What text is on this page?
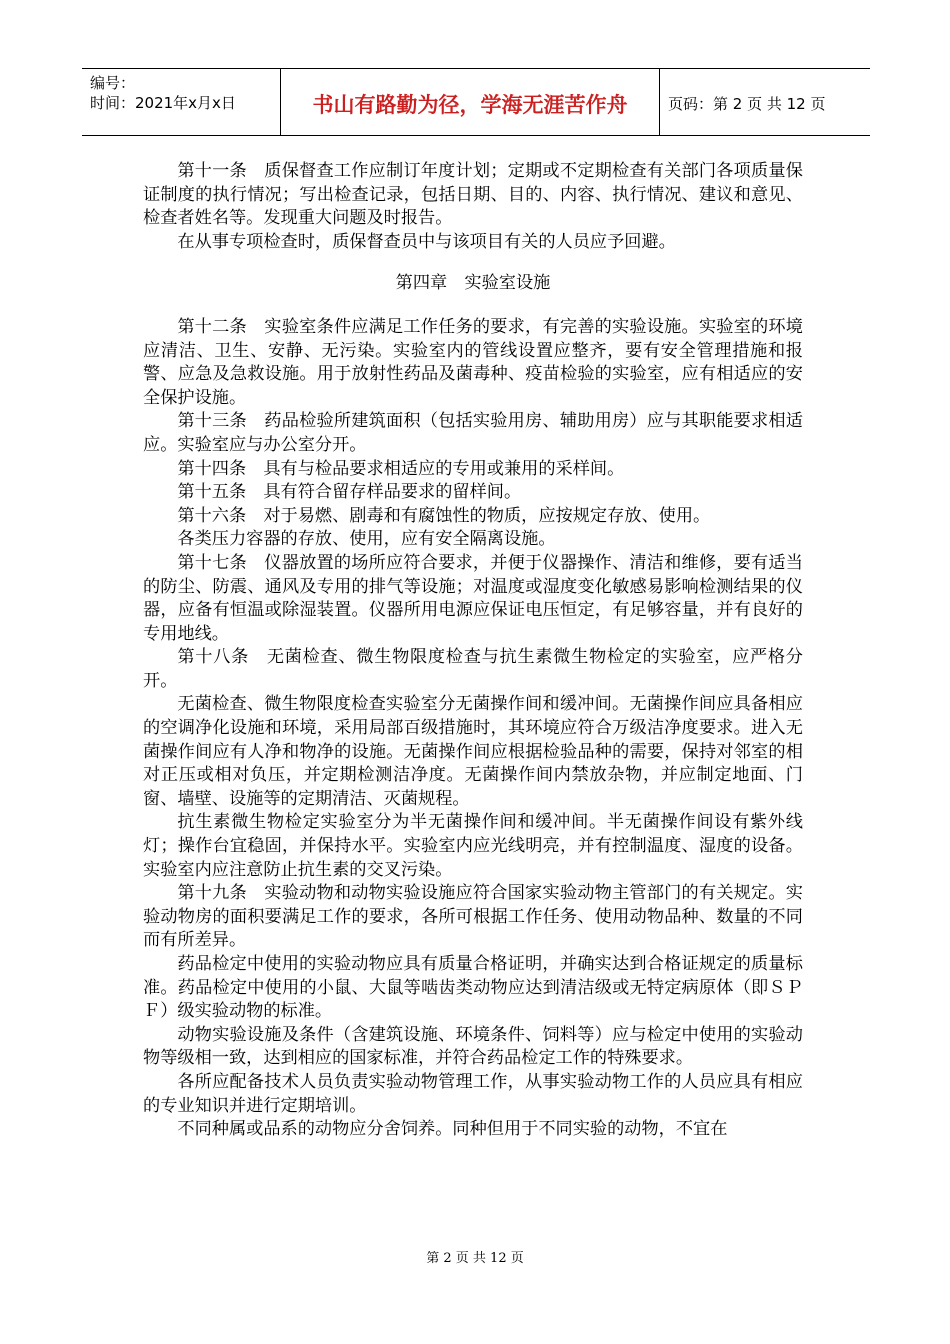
编号：
时间：2021年x月x日	书山有路勤为径，学海无涯苦作舟	页码：第 2 页 共 12 页

第十一条　质保督查工作应制订年度计划；定期或不定期检查有关部门各项质量保证制度的执行情况；写出检查记录，包括日期、目的、内容、执行情况、建议和意见、检查者姓名等。发现重大问题及时报告。

在从事专项检查时，质保督查员中与该项目有关的人员应予回避。

第四章　实验室设施

第十二条　实验室条件应满足工作任务的要求，有完善的实验设施。实验室的环境应清洁、卫生、安静、无污染。实验室内的管线设置应整齐，要有安全管理措施和报警、应急及急救设施。用于放射性药品及菌毒种、疫苗检验的实验室，应有相适应的安全保护设施。

第十三条　药品检验所建筑面积（包括实验用房、辅助用房）应与其职能要求相适应。实验室应与办公室分开。

第十四条　具有与检品要求相适应的专用或兼用的采样间。

第十五条　具有符合留存样品要求的留样间。

第十六条　对于易燃、剧毒和有腐蚀性的物质，应按规定存放、使用。

各类压力容器的存放、使用，应有安全隔离设施。

第十七条　仪器放置的场所应符合要求，并便于仪器操作、清洁和维修，要有适当的防尘、防震、通风及专用的排气等设施；对温度或湿度变化敏感易影响检测结果的仪器，应备有恒温或除湿装置。仪器所用电源应保证电压恒定，有足够容量，并有良好的专用地线。

第十八条　无菌检查、微生物限度检查与抗生素微生物检定的实验室，应严格分开。

无菌检查、微生物限度检查实验室分无菌操作间和缓冲间。无菌操作间应具备相应的空调净化设施和环境，采用局部百级措施时，其环境应符合万级洁净度要求。进入无菌操作间应有人净和物净的设施。无菌操作间应根据检验品种的需要，保持对邻室的相对正压或相对负压，并定期检测洁净度。无菌操作间内禁放杂物，并应制定地面、门窗、墙壁、设施等的定期清洁、灭菌规程。

抗生素微生物检定实验室分为半无菌操作间和缓冲间。半无菌操作间设有紫外线灯；操作台宜稳固，并保持水平。实验室内应光线明亮，并有控制温度、湿度的设备。实验室内应注意防止抗生素的交叉污染。

第十九条　实验动物和动物实验设施应符合国家实验动物主管部门的有关规定。实验动物房的面积要满足工作的要求，各所可根据工作任务、使用动物品种、数量的不同而有所差异。

药品检定中使用的实验动物应具有质量合格证明，并确实达到合格证规定的质量标准。药品检定中使用的小鼠、大鼠等啮齿类动物应达到清洁级或无特定病原体（即ＳＰＦ）级实验动物的标准。

动物实验设施及条件（含建筑设施、环境条件、饲料等）应与检定中使用的实验动物等级相一致，达到相应的国家标准，并符合药品检定工作的特殊要求。

各所应配备技术人员负责实验动物管理工作，从事实验动物工作的人员应具有相应的专业知识并进行定期培训。

不同种属或品系的动物应分舍饲养。同种但用于不同实验的动物，不宜在

第 2 页 共 12 页
